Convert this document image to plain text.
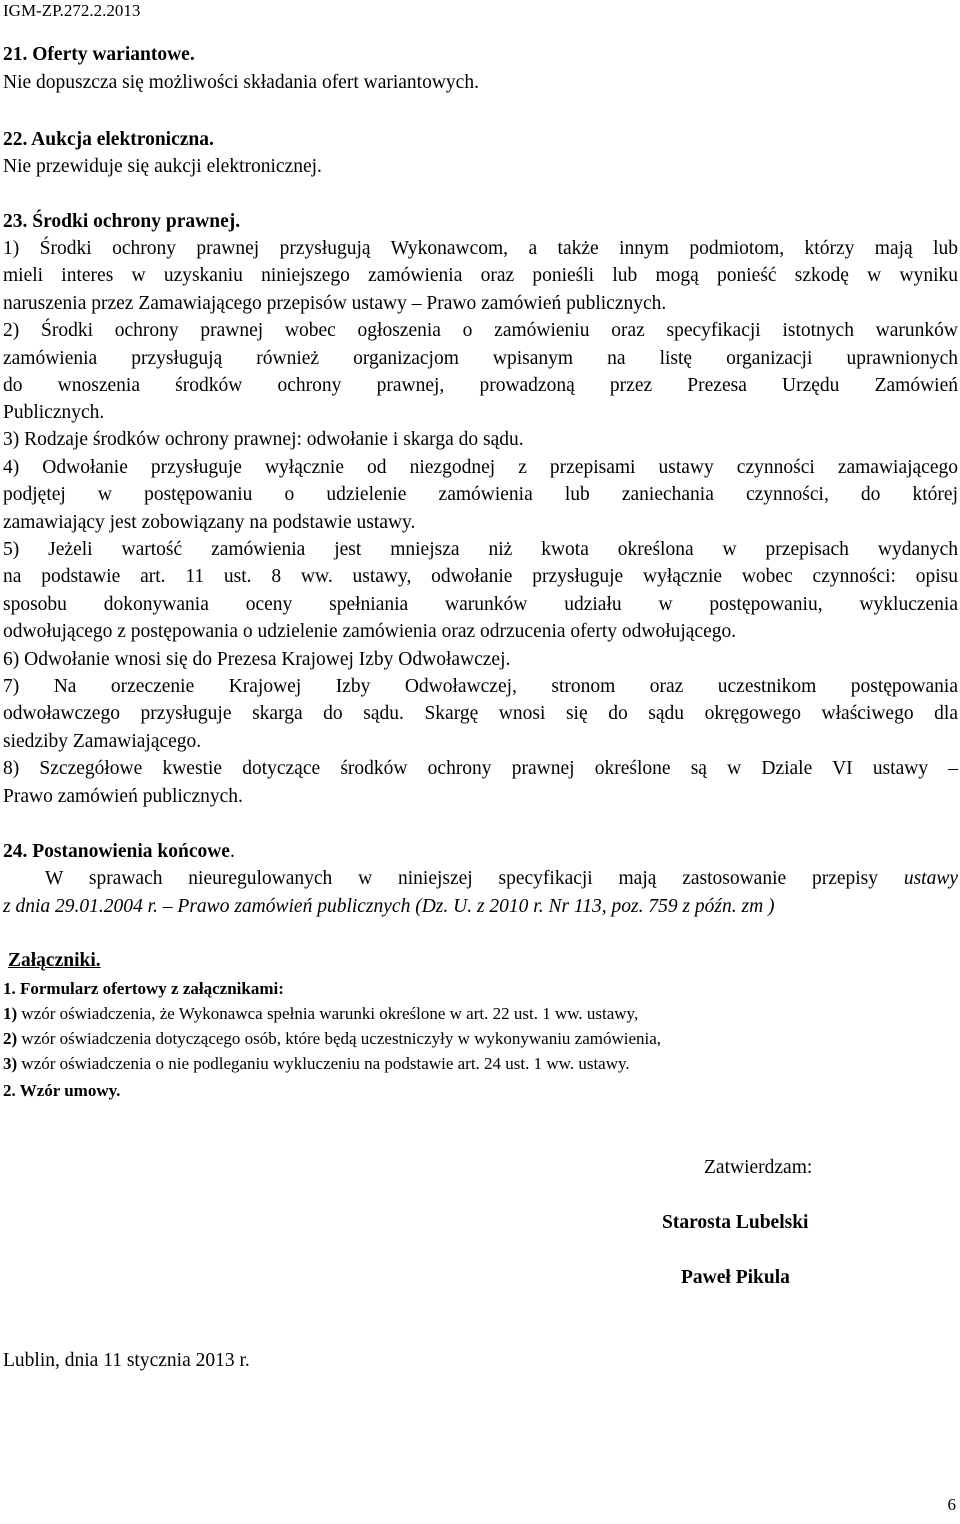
IGM-ZP.272.2.2013
21. Oferty wariantowe.
Nie dopuszcza się możliwości składania ofert wariantowych.
22. Aukcja elektroniczna.
Nie przewiduje się aukcji elektronicznej.
23. Środki ochrony prawnej.
1) Środki ochrony prawnej przysługują Wykonawcom, a także innym podmiotom, którzy mają lub
mieli interes w uzyskaniu niniejszego zamówienia oraz ponieśli lub mogą ponieść szkodę w wyniku
naruszenia przez Zamawiającego przepisów ustawy – Prawo zamówień publicznych.
2) Środki ochrony prawnej wobec ogłoszenia o zamówieniu oraz specyfikacji istotnych warunków
zamówienia przysługują również organizacjom wpisanym na listę organizacji uprawnionych
do wnoszenia środków ochrony prawnej, prowadzoną przez Prezesa Urzędu Zamówień
Publicznych.
3) Rodzaje środków ochrony prawnej: odwołanie i skarga do sądu.
4) Odwołanie przysługuje wyłącznie od niezgodnej z przepisami ustawy czynności zamawiającego
podjętej w postępowaniu o udzielenie zamówienia lub zaniechania czynności, do której
zamawiający jest zobowiązany na podstawie ustawy.
5) Jeżeli wartość zamówienia jest mniejsza niż kwota określona w przepisach wydanych
na podstawie art. 11 ust. 8 ww. ustawy, odwołanie przysługuje wyłącznie wobec czynności: opisu
sposobu dokonywania oceny spełniania warunków udziału w postępowaniu, wykluczenia
odwołującego z postępowania o udzielenie zamówienia oraz odrzucenia oferty odwołującego.
6) Odwołanie wnosi się do Prezesa Krajowej Izby Odwoławczej.
7) Na orzeczenie Krajowej Izby Odwoławczej, stronom oraz uczestnikom postępowania
odwoławczego przysługuje skarga do sądu. Skargę wnosi się do sądu okręgowego właściwego dla
siedziby Zamawiającego.
8) Szczegółowe kwestie dotyczące środków ochrony prawnej określone są w Dziale VI ustawy –
Prawo zamówień publicznych.
24. Postanowienia końcowe.
W sprawach nieuregulowanych w niniejszej specyfikacji mają zastosowanie przepisy ustawy
z dnia 29.01.2004 r. – Prawo zamówień publicznych (Dz. U. z 2010 r. Nr 113, poz. 759 z późn. zm )
Załączniki.
1. Formularz ofertowy z załącznikami:
1) wzór oświadczenia, że Wykonawca spełnia warunki określone w art. 22 ust. 1 ww. ustawy,
2) wzór oświadczenia dotyczącego osób, które będą uczestniczyły w wykonywaniu zamówienia,
3) wzór oświadczenia o nie podleganiu wykluczeniu na podstawie art. 24 ust. 1 ww. ustawy.
2. Wzór umowy.
Zatwierdzam:
Starosta Lubelski
Paweł Pikula
Lublin, dnia 11 stycznia 2013 r.
6
